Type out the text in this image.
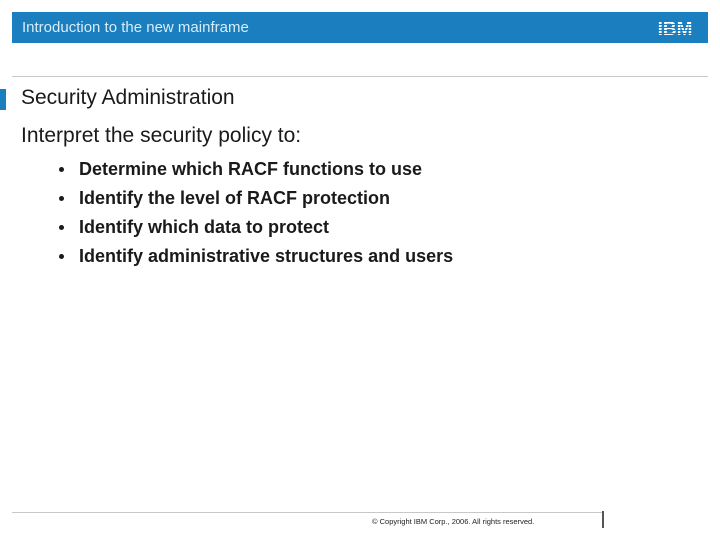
Introduction to the new mainframe	IBM
Security Administration
Interpret the security policy to:
Determine which RACF functions to use
Identify the level of RACF protection
Identify which data to protect
Identify administrative structures and users
© Copyright IBM Corp., 2006. All rights reserved.
